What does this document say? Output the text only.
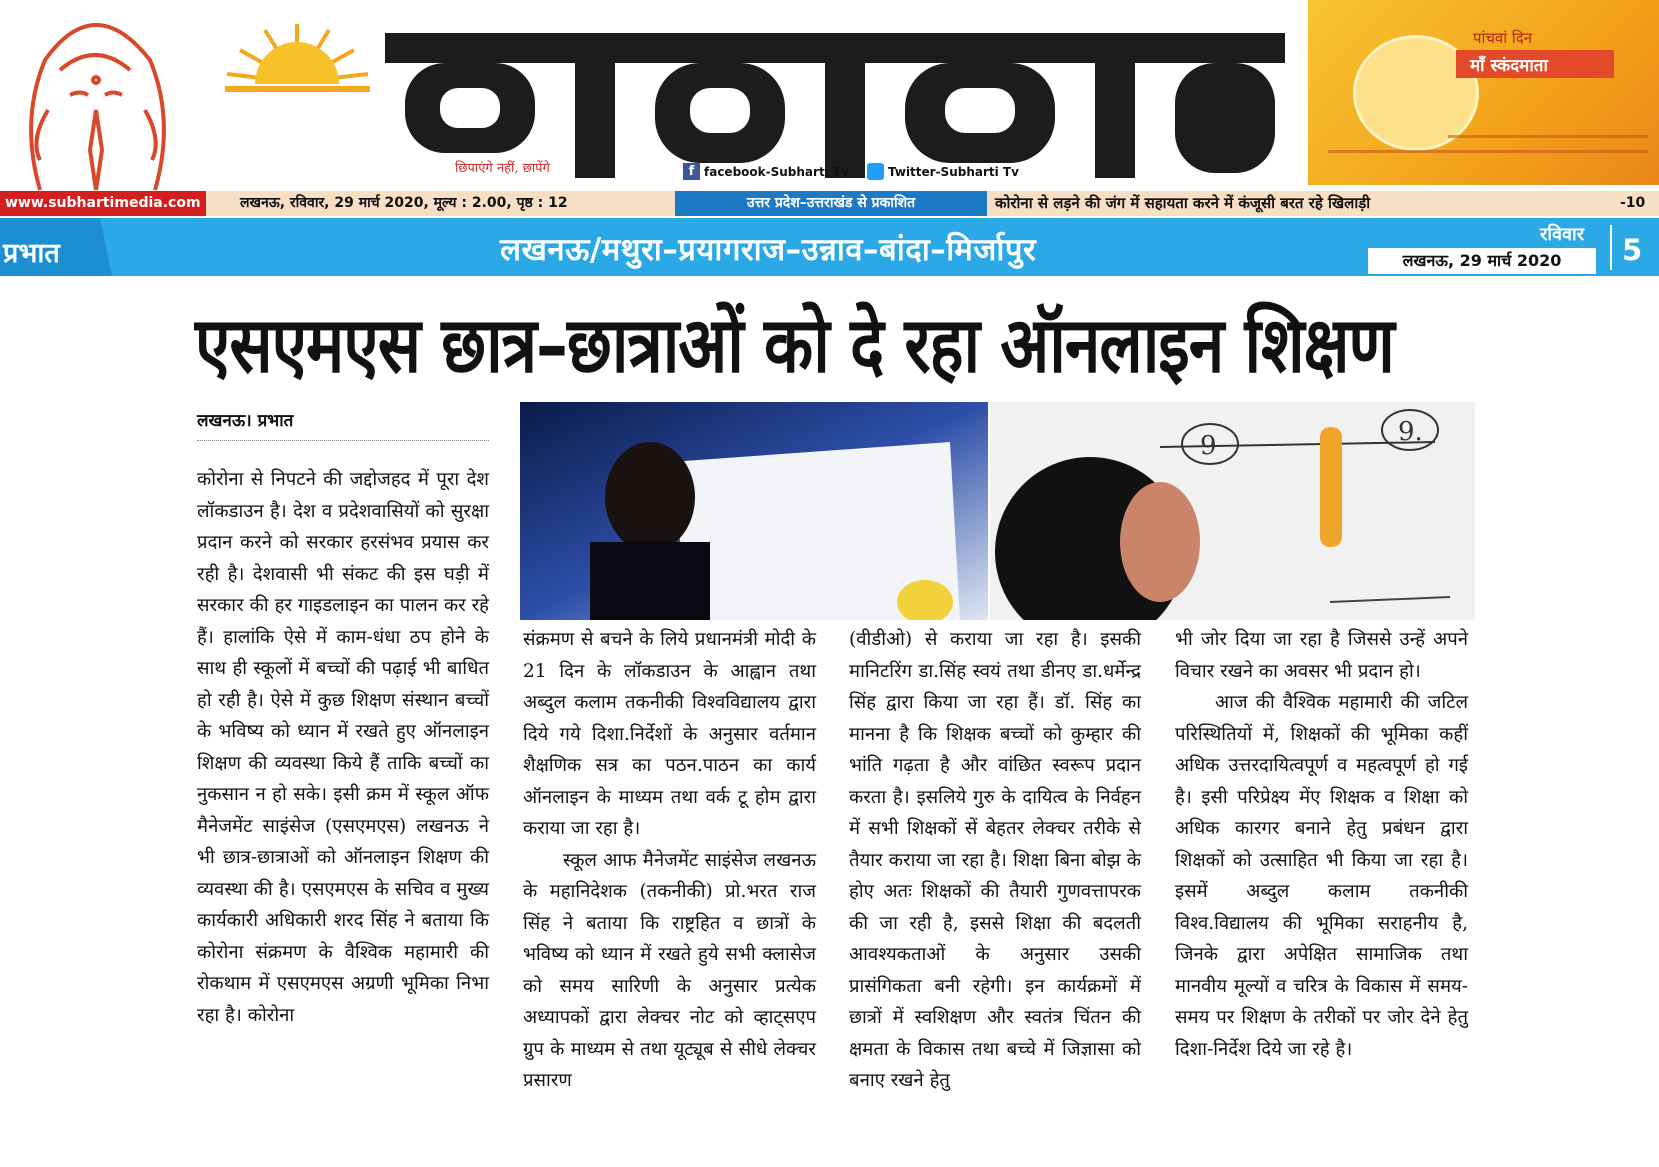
छिपाएंगे नहीं, छापेंगे	f facebook-Subharti Tv	Twitter-Subharti Tv
पांचवां दिन
माँ स्कंदमाता
www.subhartimedia.com	लखनऊ, रविवार, 29 मार्च 2020, मूल्य : 2.00, पृष्ठ : 12	उत्तर प्रदेश–उत्तराखंड से प्रकाशित	कोरोना से लड़ने की जंग में सहायता करने में कंजूसी बरत रहे खिलाड़ी	-10
प्रभात	लखनऊ/मथुरा–प्रयागराज–उन्नाव–बांदा–मिर्जापुर	रविवार
लखनऊ, 29 मार्च 2020	5
एसएमएस छात्र–छात्राओं को दे रहा ऑनलाइन शिक्षण
लखनऊ। प्रभात
9	9.

कोरोना से निपटने की जद्दोजहद में पूरा देश लॉकडाउन है। देश व प्रदेशवासियों को सुरक्षा प्रदान करने को सरकार हरसंभव प्रयास कर रही है। देशवासी भी संकट की इस घड़ी में सरकार की हर गाइडलाइन का पालन कर रहे हैं। हालांकि ऐसे में काम-धंधा ठप होने के साथ ही स्कूलों में बच्चों की पढ़ाई भी बाधित हो रही है। ऐसे में कुछ शिक्षण संस्थान बच्चों के भविष्य को ध्यान में रखते हुए ऑनलाइन शिक्षण की व्यवस्था किये हैं ताकि बच्चों का नुकसान न हो सके। इसी क्रम में स्कूल ऑफ मैनेजमेंट साइंसेज (एसएमएस) लखनऊ ने भी छात्र-छात्राओं को ऑनलाइन शिक्षण की व्यवस्था की है। एसएमएस के सचिव व मुख्य कार्यकारी अधिकारी शरद सिंह ने बताया कि कोरोना संक्रमण के वैश्विक महामारी की रोकथाम में एसएमएस अग्रणी भूमिका निभा रहा है। कोरोना

संक्रमण से बचने के लिये प्रधानमंत्री मोदी के 21 दिन के लॉकडाउन के आह्वान तथा अब्दुल कलाम तकनीकी विश्वविद्यालय द्वारा दिये गये दिशा.निर्देशों के अनुसार वर्तमान शैक्षणिक सत्र का पठन.पाठन का कार्य ऑनलाइन के माध्यम तथा वर्क टू होम द्वारा कराया जा रहा है।

स्कूल आफ मैनेजमेंट साइंसेज लखनऊ के महानिदेशक (तकनीकी) प्रो.भरत राज सिंह ने बताया कि राष्ट्रहित व छात्रों के भविष्य को ध्यान में रखते हुये सभी क्लासेज को समय सारिणी के अनुसार प्रत्येक अध्यापकों द्वारा लेक्चर नोट को व्हाट्सएप ग्रुप के माध्यम से तथा यूट्यूब से सीधे लेक्चर प्रसारण

(वीडीओ) से कराया जा रहा है। इसकी मानिटरिंग डा.सिंह स्वयं तथा डीनए डा.धर्मेन्द्र सिंह द्वारा किया जा रहा हैं। डॉ. सिंह का मानना है कि शिक्षक बच्चों को कुम्हार की भांति गढ़ता है और वांछित स्वरूप प्रदान करता है। इसलिये गुरु के दायित्व के निर्वहन में सभी शिक्षकों सें बेहतर लेक्चर तरीके से तैयार कराया जा रहा है। शिक्षा बिना बोझ के होए अतः शिक्षकों की तैयारी गुणवत्तापरक की जा रही है, इससे शिक्षा की बदलती आवश्यकताओं के अनुसार उसकी प्रासंगिकता बनी रहेगी। इन कार्यक्रमों में छात्रों में स्वशिक्षण और स्वतंत्र चिंतन की क्षमता के विकास तथा बच्चे में जिज्ञासा को बनाए रखने हेतु

भी जोर दिया जा रहा है जिससे उन्हें अपने विचार रखने का अवसर भी प्रदान हो।

आज की वैश्विक महामारी की जटिल परिस्थितियों में, शिक्षकों की भूमिका कहीं अधिक उत्तरदायित्वपूर्ण व महत्वपूर्ण हो गई है। इसी परिप्रेक्ष्य मेंए शिक्षक व शिक्षा को अधिक कारगर बनाने हेतु प्रबंधन द्वारा शिक्षकों को उत्साहित भी किया जा रहा है। इसमें अब्दुल कलाम तकनीकी विश्व.विद्यालय की भूमिका सराहनीय है, जिनके द्वारा अपेक्षित सामाजिक तथा मानवीय मूल्यों व चरित्र के विकास में समय-समय पर शिक्षण के तरीकों पर जोर देने हेतु दिशा-निर्देश दिये जा रहे है।
